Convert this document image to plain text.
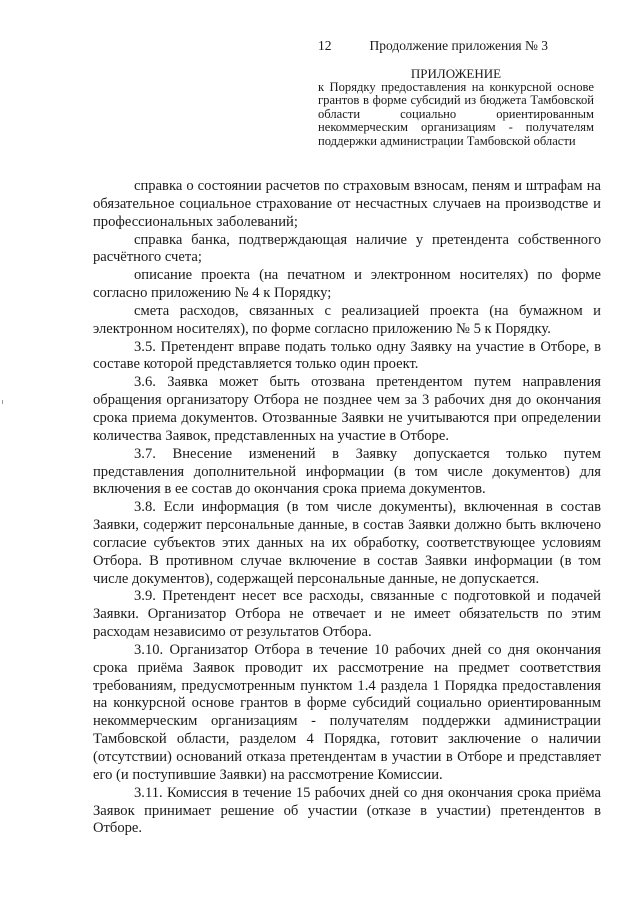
12	Продолжение приложения № 3
ПРИЛОЖЕНИЕ
к Порядку предоставления на конкурсной основе грантов в форме субсидий из бюджета Тамбовской области социально ориентированным некоммерческим организациям - получателям поддержки администрации Тамбовской области

справка о состоянии расчетов по страховым взносам, пеням и штрафам на обязательное социальное страхование от несчастных случаев на производстве и профессиональных заболеваний;

справка банка, подтверждающая наличие у претендента собственного расчётного счета;

описание проекта (на печатном и электронном носителях) по форме согласно приложению № 4 к Порядку;

смета расходов, связанных с реализацией проекта (на бумажном и электронном носителях), по форме согласно приложению № 5 к Порядку.

3.5. Претендент вправе подать только одну Заявку на участие в Отборе, в составе которой представляется только один проект.

3.6. Заявка может быть отозвана претендентом путем направления обращения организатору Отбора не позднее чем за 3 рабочих дня до окончания срока приема документов. Отозванные Заявки не учитываются при определении количества Заявок, представленных на участие в Отборе.

3.7. Внесение изменений в Заявку допускается только путем представления дополнительной информации (в том числе документов) для включения в ее состав до окончания срока приема документов.

3.8. Если информация (в том числе документы), включенная в состав Заявки, содержит персональные данные, в состав Заявки должно быть включено согласие субъектов этих данных на их обработку, соответствующее условиям Отбора. В противном случае включение в состав Заявки информации (в том числе документов), содержащей персональные данные, не допускается.

3.9. Претендент несет все расходы, связанные с подготовкой и подачей Заявки. Организатор Отбора не отвечает и не имеет обязательств по этим расходам независимо от результатов Отбора.

3.10. Организатор Отбора в течение 10 рабочих дней со дня окончания срока приёма Заявок проводит их рассмотрение на предмет соответствия требованиям, предусмотренным пунктом 1.4 раздела 1 Порядка предоставления на конкурсной основе грантов в форме субсидий социально ориентированным некоммерческим организациям - получателям поддержки администрации Тамбовской области, разделом 4 Порядка, готовит заключение о наличии (отсутствии) оснований отказа претендентам в участии в Отборе и представляет его (и поступившие Заявки) на рассмотрение Комиссии.

3.11. Комиссия в течение 15 рабочих дней со дня окончания срока приёма Заявок принимает решение об участии (отказе в участии) претендентов в Отборе.
